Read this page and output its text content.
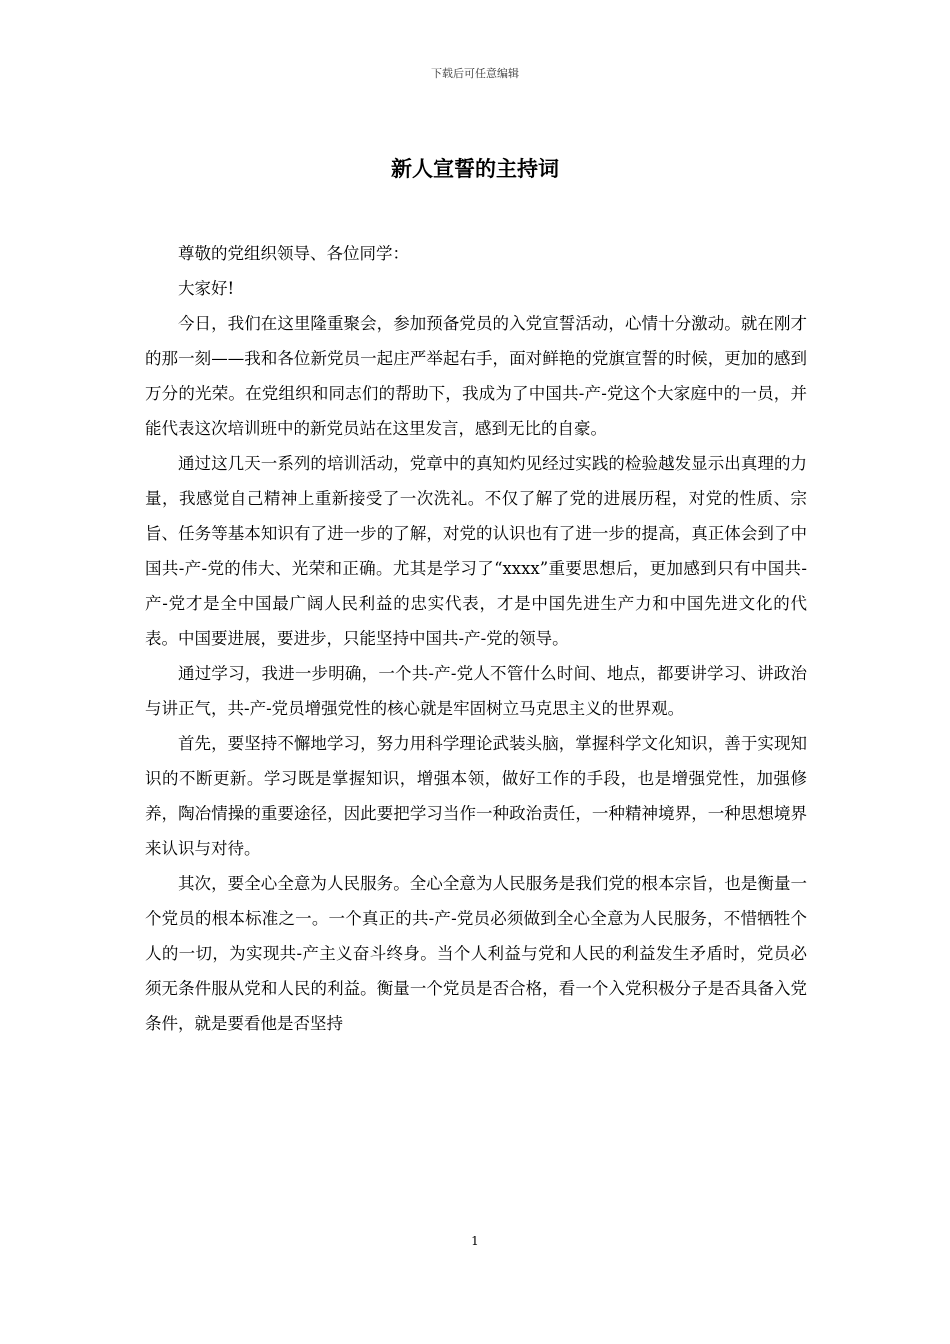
下载后可任意编辑
新人宣誓的主持词

尊敬的党组织领导、各位同学：

大家好!

今日，我们在这里隆重聚会，参加预备党员的入党宣誓活动，心情十分激动。就在刚才的那一刻——我和各位新党员一起庄严举起右手，面对鲜艳的党旗宣誓的时候，更加的感到万分的光荣。在党组织和同志们的帮助下，我成为了中国共-产-党这个大家庭中的一员，并能代表这次培训班中的新党员站在这里发言，感到无比的自豪。

通过这几天一系列的培训活动，党章中的真知灼见经过实践的检验越发显示出真理的力量，我感觉自己精神上重新接受了一次洗礼。不仅了解了党的进展历程，对党的性质、宗旨、任务等基本知识有了进一步的了解，对党的认识也有了进一步的提高，真正体会到了中国共-产-党的伟大、光荣和正确。尤其是学习了“xxxx”重要思想后，更加感到只有中国共-产-党才是全中国最广阔人民利益的忠实代表，才是中国先进生产力和中国先进文化的代表。中国要进展，要进步，只能坚持中国共-产-党的领导。

通过学习，我进一步明确，一个共-产-党人不管什么时间、地点，都要讲学习、讲政治与讲正气，共-产-党员增强党性的核心就是牢固树立马克思主义的世界观。

首先，要坚持不懈地学习，努力用科学理论武装头脑，掌握科学文化知识，善于实现知识的不断更新。学习既是掌握知识，增强本领，做好工作的手段，也是增强党性，加强修养，陶冶情操的重要途径，因此要把学习当作一种政治责任，一种精神境界，一种思想境界来认识与对待。

其次，要全心全意为人民服务。全心全意为人民服务是我们党的根本宗旨，也是衡量一个党员的根本标准之一。一个真正的共-产-党员必须做到全心全意为人民服务，不惜牺牲个人的一切，为实现共-产主义奋斗终身。当个人利益与党和人民的利益发生矛盾时，党员必须无条件服从党和人民的利益。衡量一个党员是否合格，看一个入党积极分子是否具备入党条件，就是要看他是否坚持

1
